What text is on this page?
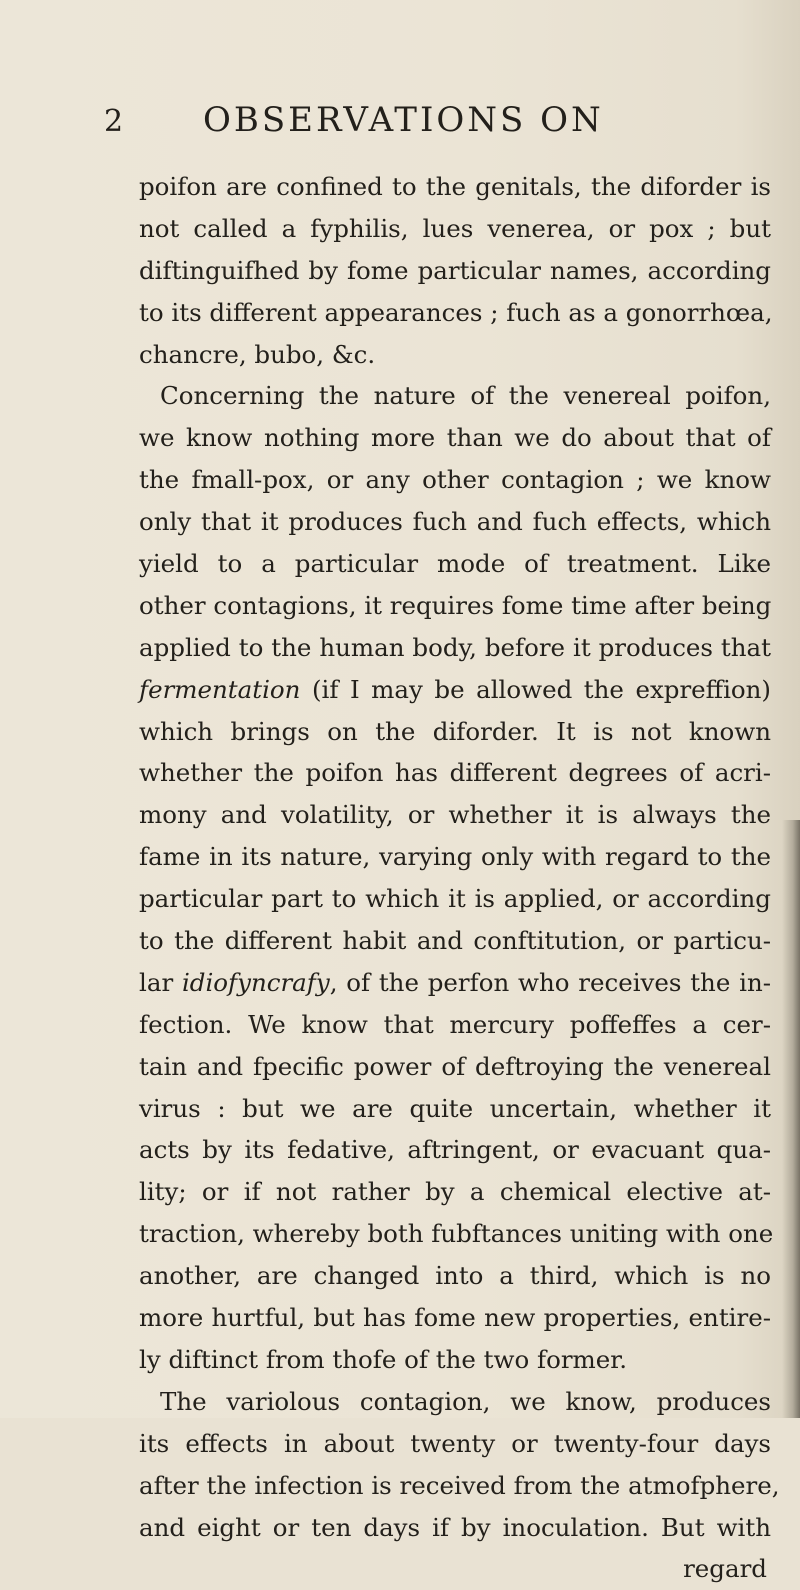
2 OBSERVATIONS ON
poifon are confined to the genitals, the diforder is
not called a fyphilis, lues venerea, or pox ; but
diftinguifhed by fome particular names, according
to its different appearances ; fuch as a gonorrhœa,
chancre, bubo, &c.
Concerning the nature of the venereal poifon,
we know nothing more than we do about that of
the fmall-pox, or any other contagion ; we know
only that it produces fuch and fuch effects, which
yield to a particular mode of treatment. Like
other contagions, it requires fome time after being
applied to the human body, before it produces that
fermentation (if I may be allowed the expreffion)
which brings on the diforder. It is not known
whether the poifon has different degrees of acri-
mony and volatility, or whether it is always the
fame in its nature, varying only with regard to the
particular part to which it is applied, or according
to the different habit and conftitution, or particu-
lar idiofyncrafy, of the perfon who receives the in-
fection. We know that mercury poffeffes a cer-
tain and fpecific power of deftroying the venereal
virus : but we are quite uncertain, whether it
acts by its fedative, aftringent, or evacuant qua-
lity; or if not rather by a chemical elective at-
traction, whereby both fubftances uniting with one
another, are changed into a third, which is no
more hurtful, but has fome new properties, entire-
ly diftinct from thofe of the two former.
The variolous contagion, we know, produces
its effects in about twenty or twenty-four days
after the infection is received from the atmofphere,
and eight or ten days if by inoculation. But with
regard
